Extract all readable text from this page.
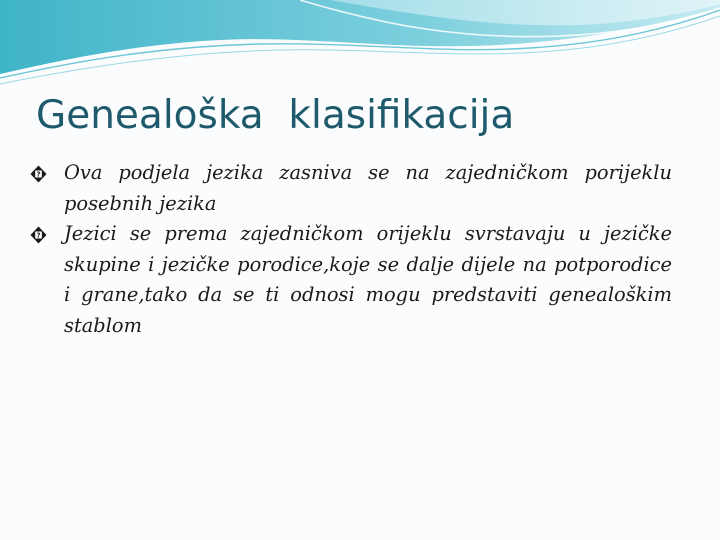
Genealoška  klasifikacija

? Ova podjela jezika zasniva se na zajedničkom porijeklu posebnih jezika

? Jezici se prema zajedničkom orijeklu svrstavaju u jezičke skupine i jezičke porodice,koje se dalje dijele na potporodice i grane,tako da se ti odnosi mogu predstaviti genealoškim stablom
